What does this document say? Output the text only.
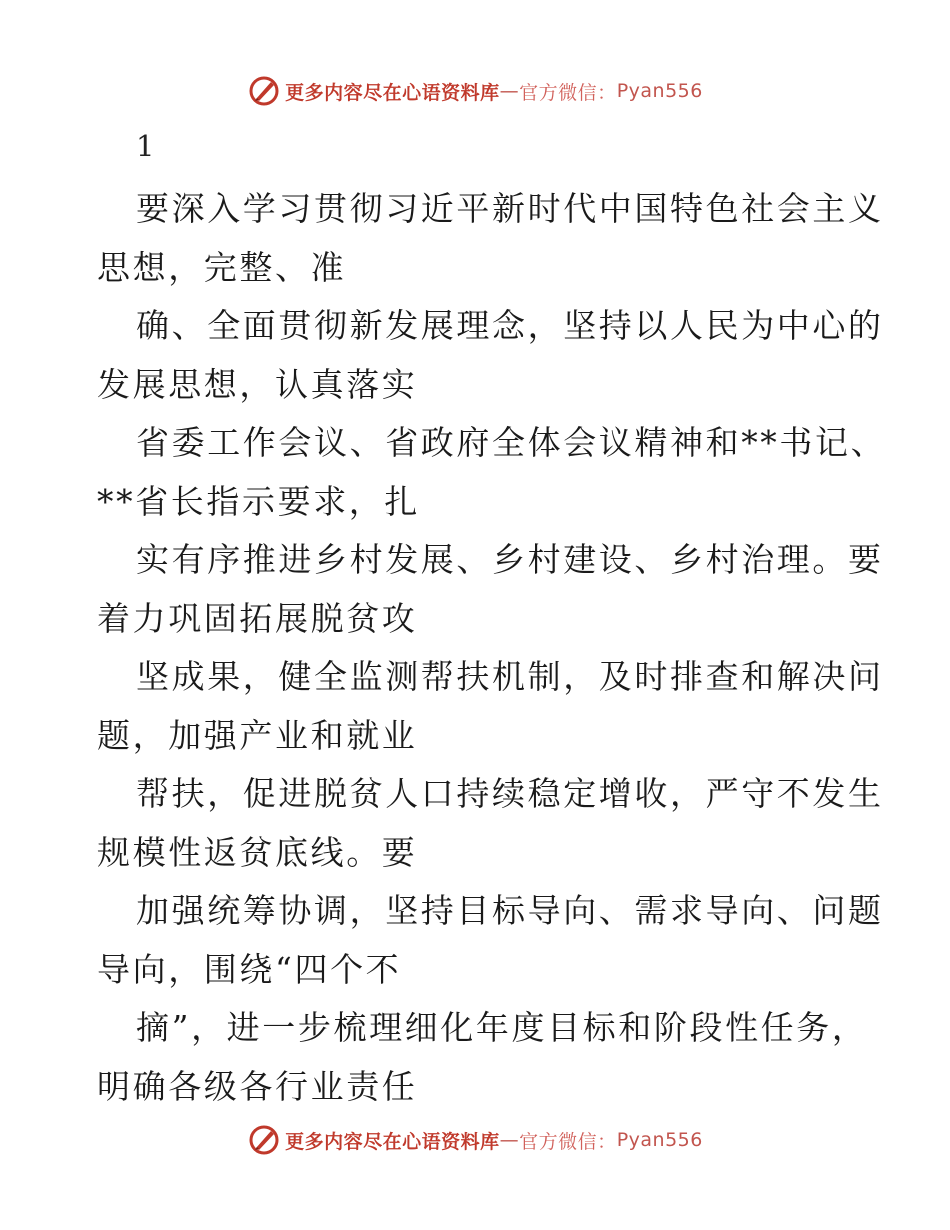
更多内容尽在心语资料库 — 官方微信： Pyan556
1
要深入学习贯彻习近平新时代中国特色社会主义
思想，完整、准
确、全面贯彻新发展理念，坚持以人民为中心的
发展思想，认真落实
省委工作会议、省政府全体会议精神和**书记、
**省长指示要求，扎
实有序推进乡村发展、乡村建设、乡村治理。要
着力巩固拓展脱贫攻
坚成果，健全监测帮扶机制，及时排查和解决问
题，加强产业和就业
帮扶，促进脱贫人口持续稳定增收，严守不发生
规模性返贫底线。要
加强统筹协调，坚持目标导向、需求导向、问题
导向，围绕“四个不
摘”，进一步梳理细化年度目标和阶段性任务，
明确各级各行业责任
更多内容尽在心语资料库 — 官方微信： Pyan556
